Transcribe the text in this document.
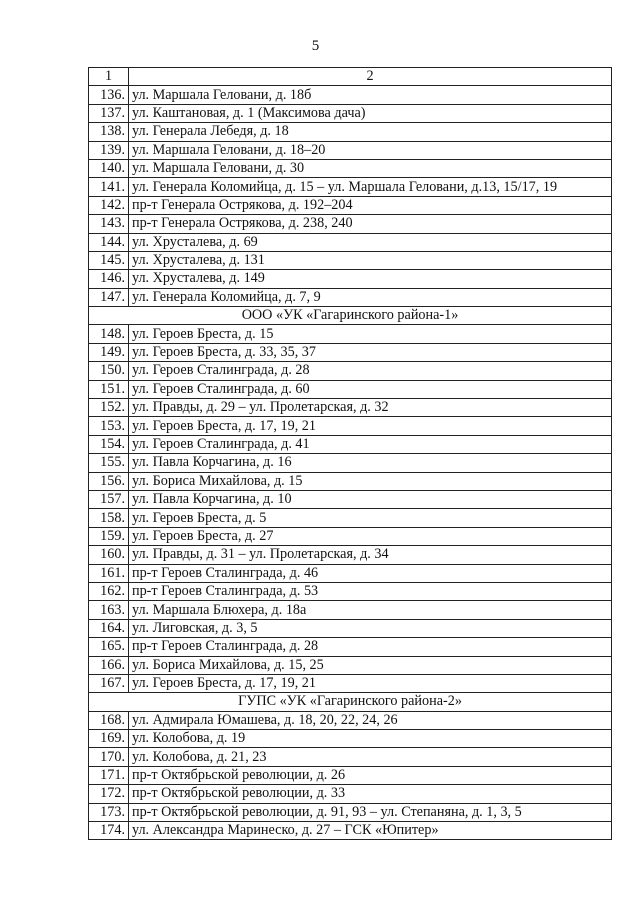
5
1	2
136.	ул. Маршала Геловани, д. 18б
137.	ул. Каштановая, д. 1 (Максимова дача)
138.	ул. Генерала Лебедя, д. 18
139.	ул. Маршала Геловани, д. 18–20
140.	ул. Маршала Геловани, д. 30
141.	ул. Генерала Коломийца, д. 15 – ул. Маршала Геловани, д.13, 15/17, 19
142.	пр-т Генерала Острякова, д. 192–204
143.	пр-т Генерала Острякова, д. 238, 240
144.	ул. Хрусталева, д. 69
145.	ул. Хрусталева, д. 131
146.	ул. Хрусталева, д. 149
147.	ул. Генерала Коломийца, д. 7, 9
ООО «УК «Гагаринского района-1»	
148.	ул. Героев Бреста, д. 15
149.	ул. Героев Бреста, д. 33, 35, 37
150.	ул. Героев Сталинграда, д. 28
151.	ул. Героев Сталинграда, д. 60
152.	ул. Правды, д. 29 – ул. Пролетарская, д. 32
153.	ул. Героев Бреста, д. 17, 19, 21
154.	ул. Героев Сталинграда, д. 41
155.	ул. Павла Корчагина, д. 16
156.	ул. Бориса Михайлова, д. 15
157.	ул. Павла Корчагина, д. 10
158.	ул. Героев Бреста, д. 5
159.	ул. Героев Бреста, д. 27
160.	ул. Правды, д. 31 – ул. Пролетарская, д. 34
161.	пр-т Героев Сталинграда, д. 46
162.	пр-т Героев Сталинграда, д. 53
163.	ул. Маршала Блюхера, д. 18а
164.	ул. Лиговская, д. 3, 5
165.	пр-т Героев Сталинграда, д. 28
166.	ул. Бориса Михайлова, д. 15, 25
167.	ул. Героев Бреста, д. 17, 19, 21
ГУПС «УК «Гагаринского района-2»	
168.	ул. Адмирала Юмашева, д. 18, 20, 22, 24, 26
169.	ул. Колобова, д. 19
170.	ул. Колобова, д. 21, 23
171.	пр-т Октябрьской революции, д. 26
172.	пр-т Октябрьской революции, д. 33
173.	пр-т Октябрьской революции, д. 91, 93 – ул. Степаняна, д. 1, 3, 5
174.	ул. Александра Маринеско, д. 27 – ГСК «Юпитер»
